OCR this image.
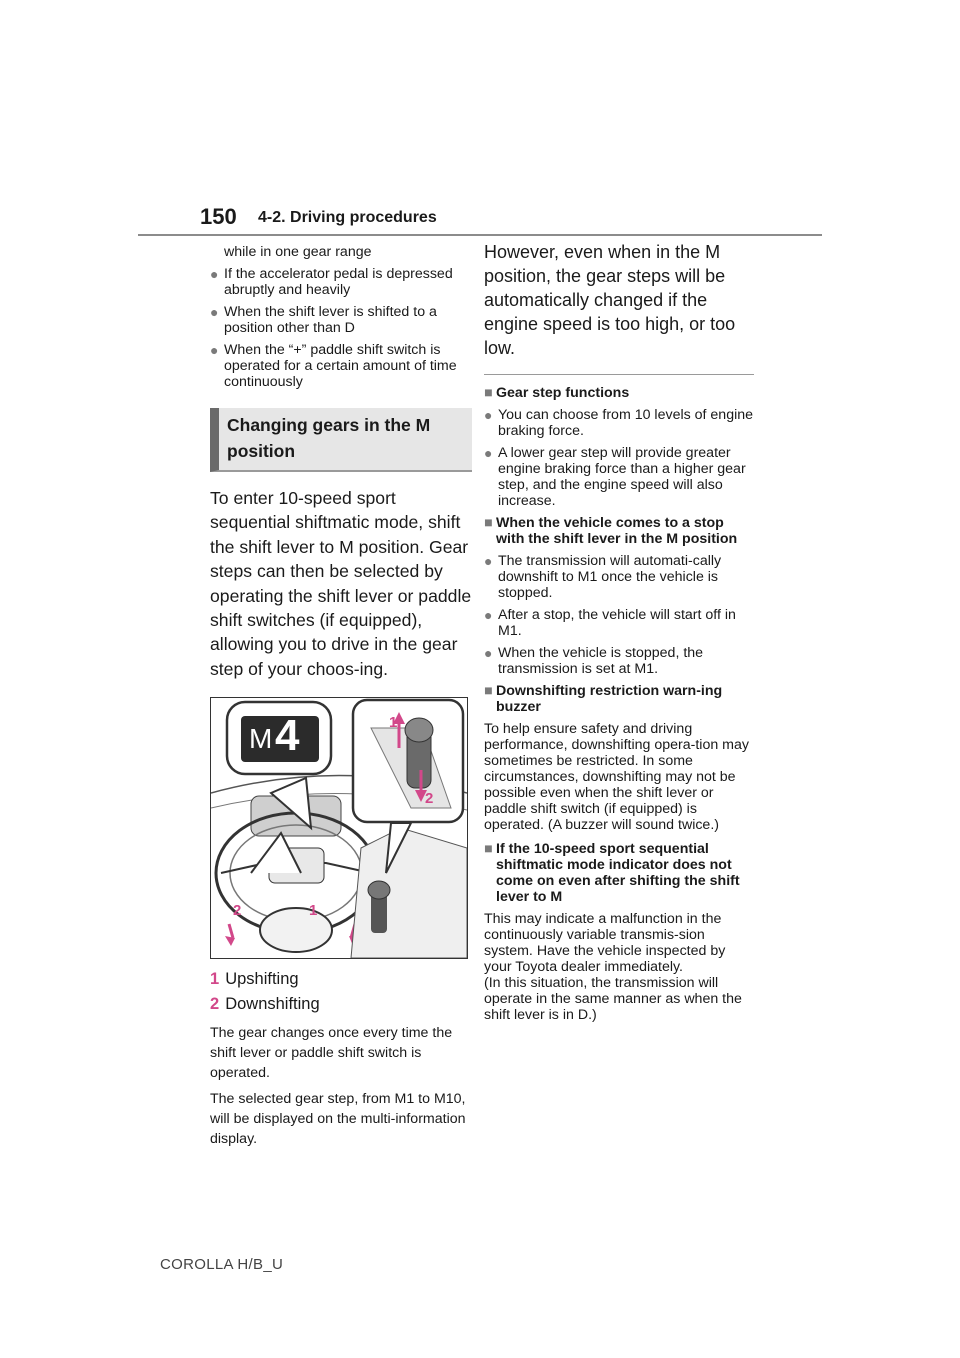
150 4-2. Driving procedures
while in one gear range
● If the accelerator pedal is depressed abruptly and heavily
● When the shift lever is shifted to a position other than D
● When the “+” paddle shift switch is operated for a certain amount of time continuously
Changing gears in the M position
To enter 10-speed sport sequential shiftmatic mode, shift the shift lever to M position. Gear steps can then be selected by operating the shift lever or paddle shift switches (if equipped), allowing you to drive in the gear step of your choos-ing.
M 4	1
2
2	1
1 Upshifting
2 Downshifting
The gear changes once every time the shift lever or paddle shift switch is operated.
The selected gear step, from M1 to M10, will be displayed on the multi-information display.
However, even when in the M position, the gear steps will be automatically changed if the engine speed is too high, or too low.
■ Gear step functions
● You can choose from 10 levels of engine braking force.
● A lower gear step will provide greater engine braking force than a higher gear step, and the engine speed will also increase.
■ When the vehicle comes to a stop with the shift lever in the M position
● The transmission will automati-cally downshift to M1 once the vehicle is stopped.
● After a stop, the vehicle will start off in M1.
● When the vehicle is stopped, the transmission is set at M1.
■ Downshifting restriction warn-ing buzzer
To help ensure safety and driving performance, downshifting opera-tion may sometimes be restricted. In some circumstances, downshifting may not be possible even when the shift lever or paddle shift switch (if equipped) is operated. (A buzzer will sound twice.)
■ If the 10-speed sport sequential shiftmatic mode indicator does not come on even after shifting the shift lever to M
This may indicate a malfunction in the continuously variable transmis-sion system. Have the vehicle inspected by your Toyota dealer immediately.
(In this situation, the transmission will operate in the same manner as when the shift lever is in D.)
COROLLA H/B_U
